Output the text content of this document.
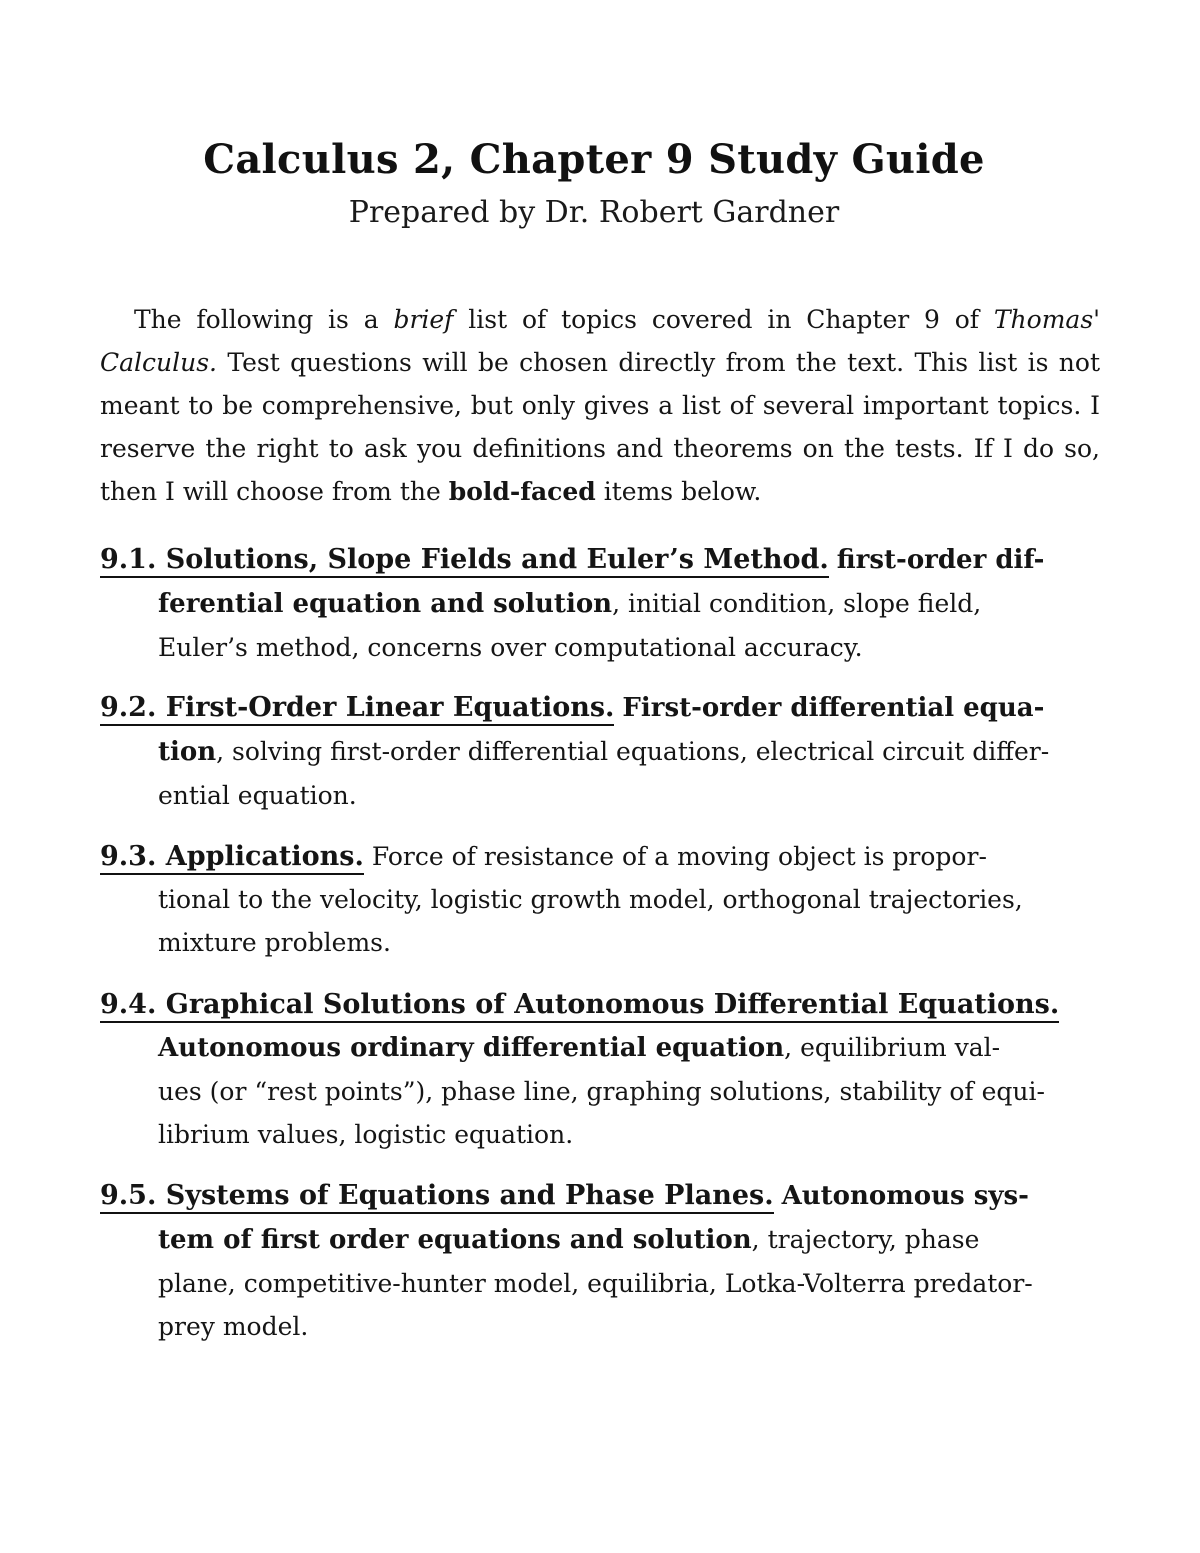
Calculus 2, Chapter 9 Study Guide
Prepared by Dr. Robert Gardner

The following is a brief list of topics covered in Chapter 9 of Thomas' Calculus. Test questions will be chosen directly from the text. This list is not meant to be comprehensive, but only gives a list of several important topics. I reserve the right to ask you definitions and theorems on the tests. If I do so, then I will choose from the bold-faced items below.

9.1. Solutions, Slope Fields and Euler’s Method. first-order dif-
ferential equation and solution, initial condition, slope field,
Euler’s method, concerns over computational accuracy.
9.2. First-Order Linear Equations. First-order differential equa-
tion, solving first-order differential equations, electrical circuit differ-
ential equation.
9.3. Applications. Force of resistance of a moving object is propor-
tional to the velocity, logistic growth model, orthogonal trajectories,
mixture problems.
9.4. Graphical Solutions of Autonomous Differential Equations.
Autonomous ordinary differential equation, equilibrium val-
ues (or “rest points”), phase line, graphing solutions, stability of equi-
librium values, logistic equation.
9.5. Systems of Equations and Phase Planes. Autonomous sys-
tem of first order equations and solution, trajectory, phase
plane, competitive-hunter model, equilibria, Lotka-Volterra predator-
prey model.
